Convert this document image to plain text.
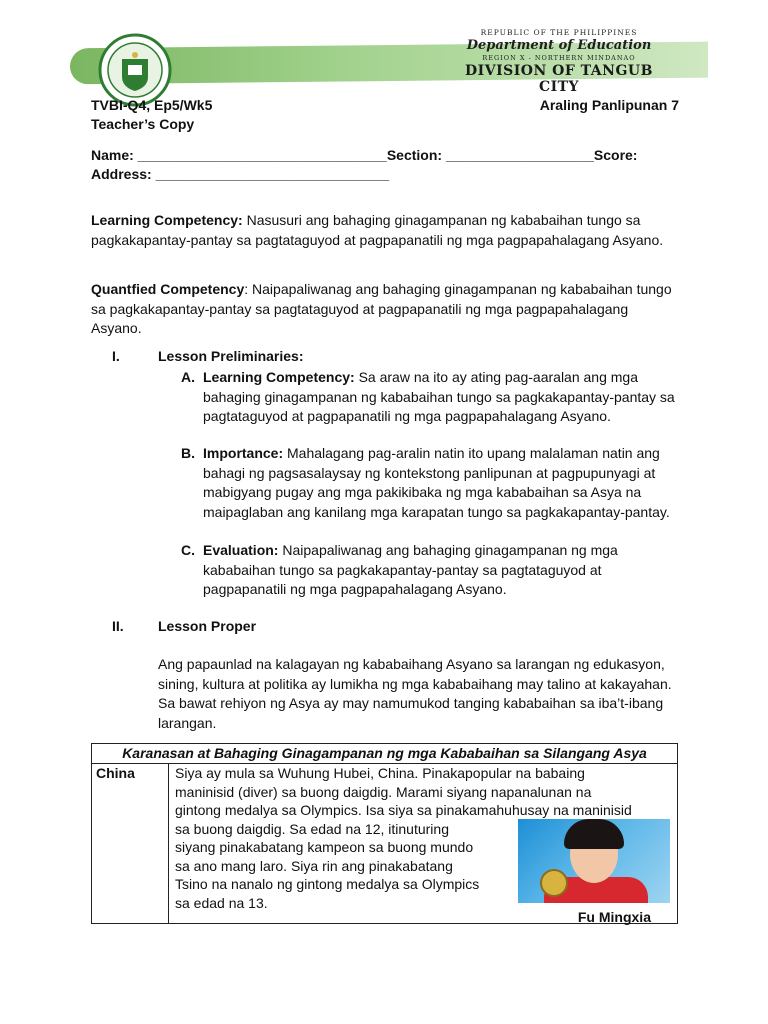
REPUBLIC OF THE PHILIPPINES
Department of Education
REGION X - NORTHERN MINDANAO
DIVISION OF TANGUB CITY
TVBI-Q4, Ep5/Wk5
Teacher’s Copy
Araling Panlipunan 7
Name: ________________________________Section: ___________________Score:
Address: ______________________________
Learning Competency: Nasusuri ang bahaging ginagampanan ng kababaihan tungo sa pagkakapantay-pantay sa pagtataguyod at pagpapanatili ng mga pagpapahalagang Asyano.
Quantfied Competency: Naipapaliwanag ang bahaging ginagampanan ng kababaihan tungo sa pagkakapantay-pantay sa pagtataguyod at pagpapanatili ng mga pagpapahalagang Asyano.
I.	Lesson Preliminaries:
A. Learning Competency: Sa araw na ito ay ating pag-aaralan ang mga bahaging ginagampanan ng kababaihan tungo sa pagkakapantay-pantay sa pagtataguyod at pagpapanatili ng mga pagpapahalagang Asyano.
B. Importance: Mahalagang pag-aralin natin ito upang malalaman natin ang bahagi ng pagsasalaysay ng kontekstong panlipunan at pagpupunyagi at mabigyang pugay ang mga pakikibaka ng mga kababaihan sa Asya na maipaglaban ang kanilang mga karapatan tungo sa pagkakapantay-pantay.
C. Evaluation: Naipapaliwanag ang bahaging ginagampanan ng mga kababaihan tungo sa pagkakapantay-pantay sa pagtataguyod at pagpapanatili ng mga pagpapahalagang Asyano.
II. Lesson Proper
Ang papaunlad na kalagayan ng kababaihang Asyano sa larangan ng edukasyon, sining, kultura at politika ay lumikha ng mga kababaihang may talino at kakayahan. Sa bawat rehiyon ng Asya ay may namumukod tanging kababaihan sa iba’t-ibang larangan.
Karanasan at Bahaging Ginagampanan ng mga Kababaihan sa Silangang Asya
China	Siya ay mula sa Wuhung Hubei, China. Pinakapopular na babaing
maninisid (diver) sa buong daigdig. Marami siyang napanalunan na
gintong medalya sa Olympics. Isa siya sa pinakamahuhusay na maninisid
sa buong daigdig. Sa edad na 12, itinuturing
siyang pinakabatang kampeon sa buong mundo
sa ano mang laro. Siya rin ang pinakabatang
Tsino na nanalo ng gintong medalya sa Olympics
sa edad na 13.
Fu Mingxia
